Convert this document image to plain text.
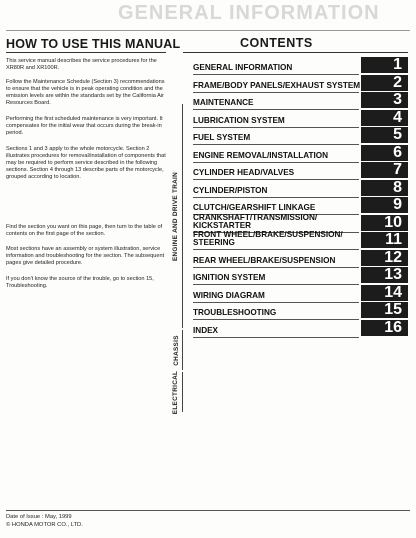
GENERAL INFORMATION
HOW TO USE THIS MANUAL
This service manual describes the service procedures for the XR80R and XR100R.
Follow the Maintenance Schedule (Section 3) recommendations to ensure that the vehicle is in peak operating condition and the emission levels are within the standards set by the California Air Resources Board.
Performing the first scheduled maintenance is very important. It compensates for the initial wear that occurs during the break-in period.
Sections 1 and 3 apply to the whole motorcycle. Section 2 illustrates procedures for removal/installation of components that may be required to perform service described in the following sections. Section 4 through 13 describe parts of the motorcycle, grouped according to location.
Find the section you want on this page, then turn to the table of contents on the first page of the section.
Most sections have an assembly or system illustration, service information and troubleshooting for the section. The subsequent pages give detailed procedure.
If you don't know the source of the trouble, go to section 15, Troubleshooting.
CONTENTS
GENERAL INFORMATION	1
FRAME/BODY PANELS/EXHAUST SYSTEM	2
MAINTENANCE	3
LUBRICATION SYSTEM	4
FUEL SYSTEM	5
ENGINE REMOVAL/INSTALLATION	6
CYLINDER HEAD/VALVES	7
CYLINDER/PISTON	8
CLUTCH/GEARSHIFT LINKAGE	9
CRANKSHAFT/TRANSMISSION/ KICKSTARTER	10
FRONT WHEEL/BRAKE/SUSPENSION/ STEERING	11
REAR WHEEL/BRAKE/SUSPENSION	12
IGNITION SYSTEM	13
WIRING DIAGRAM	14
TROUBLESHOOTING	15
INDEX	16
ENGINE AND DRIVE TRAIN
CHASSIS
ELECTRICAL
Date of Issue : May, 1999
© HONDA MOTOR CO., LTD.
